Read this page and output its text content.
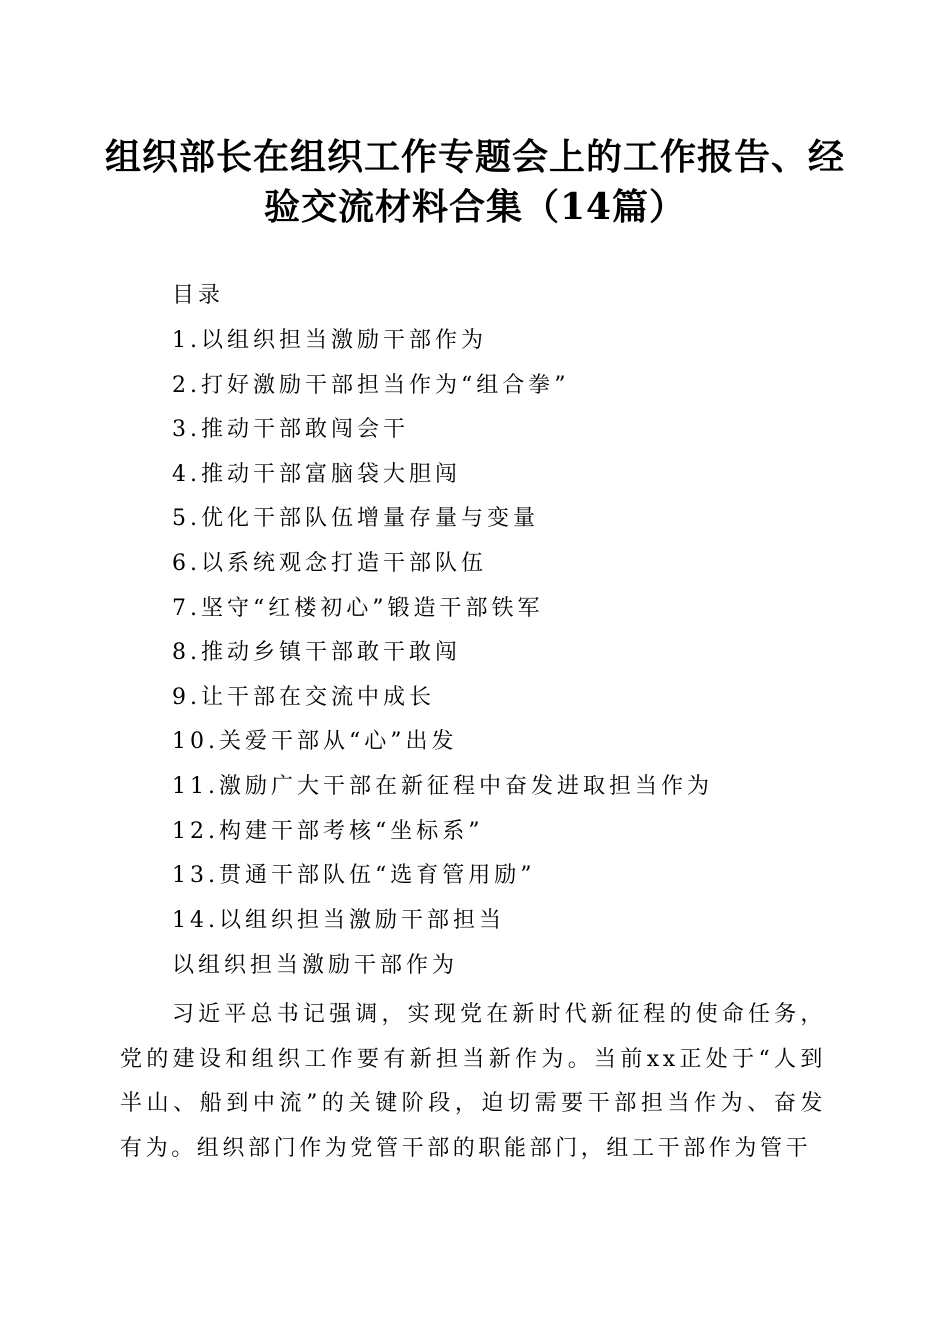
组织部长在组织工作专题会上的工作报告、经
验交流材料合集（14篇）

目录

1.以组织担当激励干部作为
2.打好激励干部担当作为“组合拳”
3.推动干部敢闯会干
4.推动干部富脑袋大胆闯
5.优化干部队伍增量存量与变量
6.以系统观念打造干部队伍
7.坚守“红楼初心”锻造干部铁军
8.推动乡镇干部敢干敢闯
9.让干部在交流中成长
10.关爱干部从“心”出发
11.激励广大干部在新征程中奋发进取担当作为
12.构建干部考核“坐标系”
13.贯通干部队伍“选育管用励”
14.以组织担当激励干部担当

以组织担当激励干部作为

习近平总书记强调，实现党在新时代新征程的使命任务，党的建设和组织工作要有新担当新作为。当前xx正处于“人到半山、船到中流”的关键阶段，迫切需要干部担当作为、奋发有为。组织部门作为党管干部的职能部门，组工干部作为管干
